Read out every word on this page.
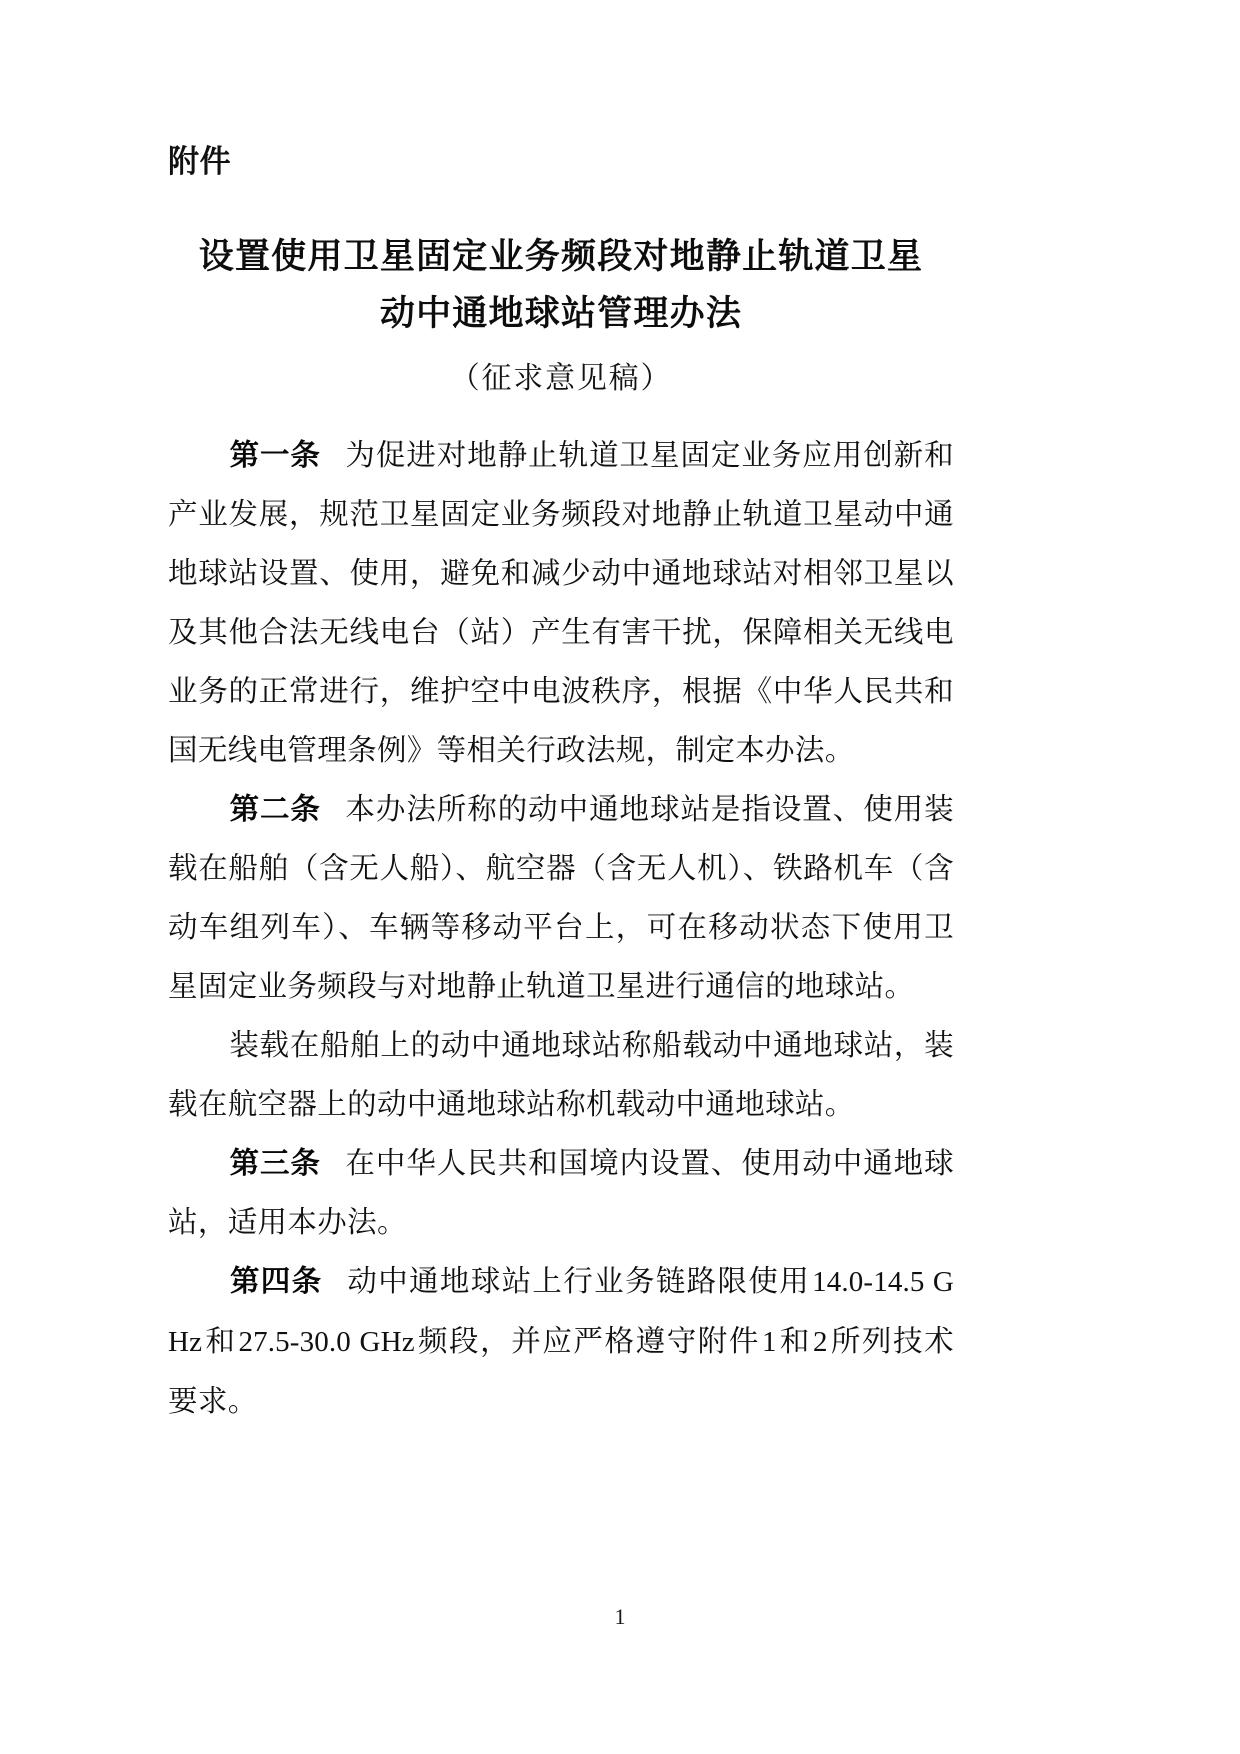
附件
设置使用卫星固定业务频段对地静止轨道卫星
动中通地球站管理办法
（征求意见稿）

第一条 为促进对地静止轨道卫星固定业务应用创新和产业发展，规范卫星固定业务频段对地静止轨道卫星动中通地球站设置、使用，避免和减少动中通地球站对相邻卫星以及其他合法无线电台（站）产生有害干扰，保障相关无线电业务的正常进行，维护空中电波秩序，根据《中华人民共和国无线电管理条例》等相关行政法规，制定本办法。

第二条 本办法所称的动中通地球站是指设置、使用装载在船舶（含无人船）、航空器（含无人机）、铁路机车（含动车组列车）、车辆等移动平台上，可在移动状态下使用卫星固定业务频段与对地静止轨道卫星进行通信的地球站。

装载在船舶上的动中通地球站称船载动中通地球站，装载在航空器上的动中通地球站称机载动中通地球站。

第三条 在中华人民共和国境内设置、使用动中通地球站，适用本办法。

第四条 动中通地球站上行业务链路限使用14.0-14.5 GHz和27.5-30.0 GHz频段，并应严格遵守附件1和2所列技术要求。

1
